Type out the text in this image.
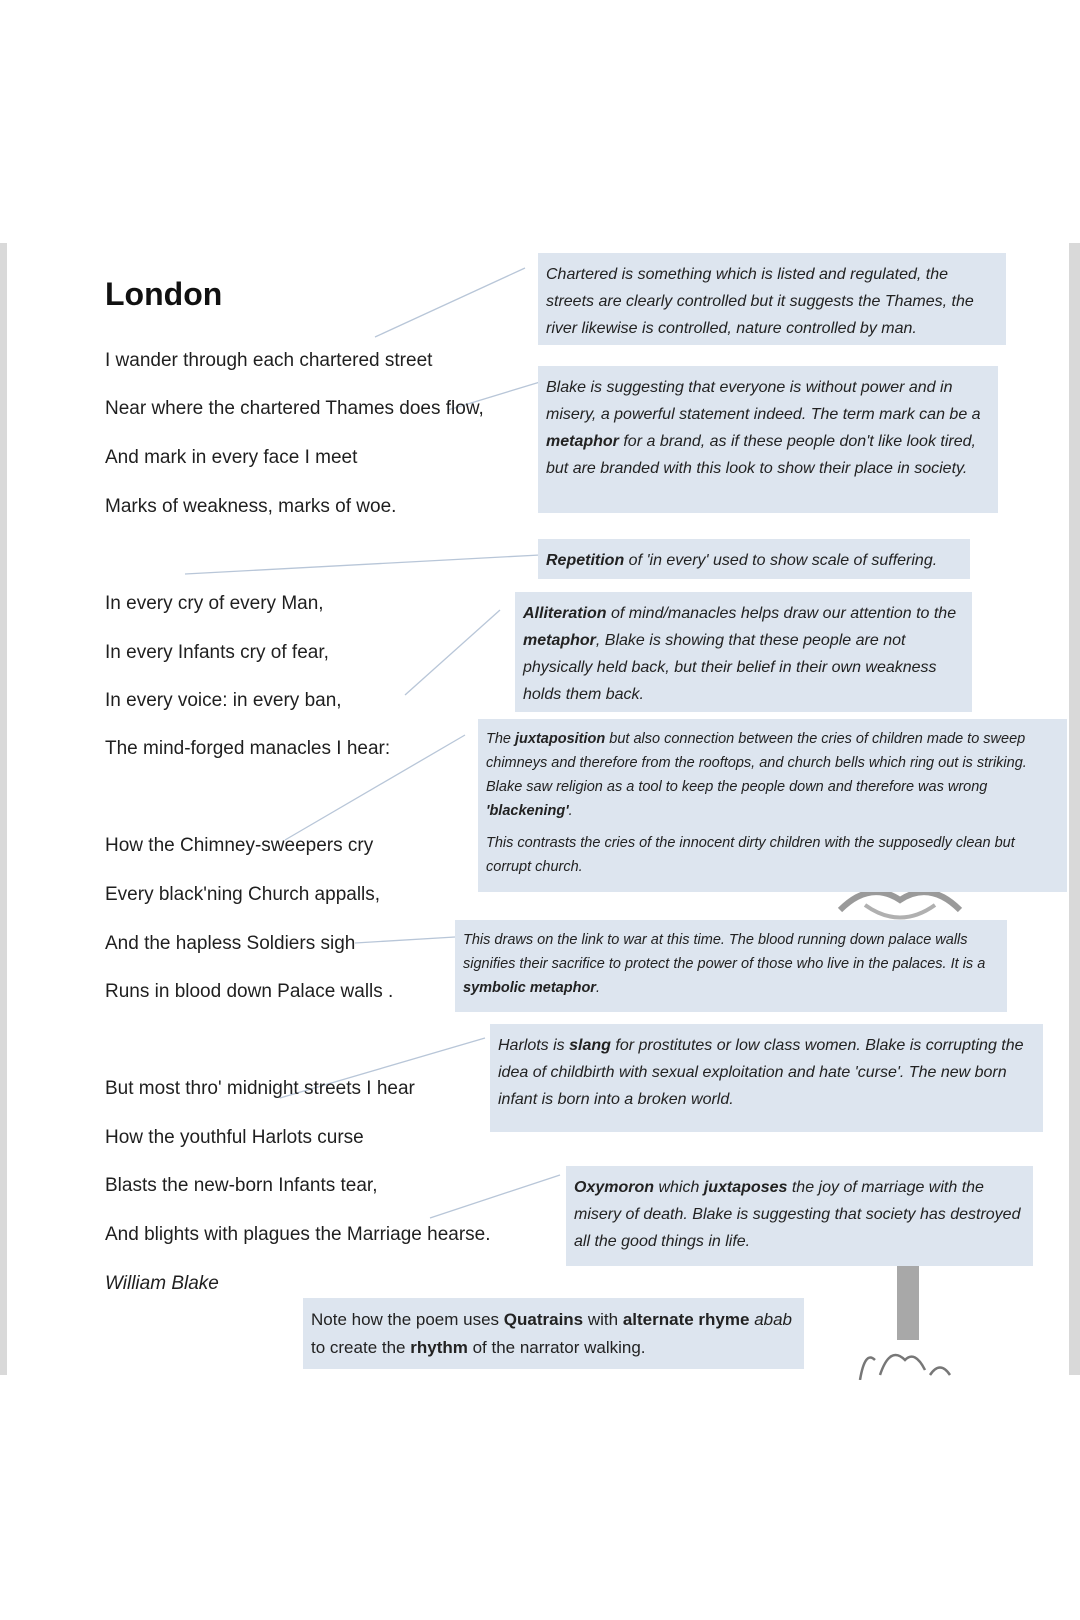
London
I wander through each chartered street
Near where the chartered Thames does flow,
And mark in every face I meet
Marks of weakness, marks of woe.
In every cry of every Man,
In every Infants cry of fear,
In every voice: in every ban,
The mind-forged manacles I hear:
How the Chimney-sweepers cry
Every black'ning Church appalls,
And the hapless Soldiers sigh
Runs in blood down Palace walls .
But most thro' midnight streets I hear
How the youthful Harlots curse
Blasts the new-born Infants tear,
And blights with plagues the Marriage hearse.
William Blake

Chartered is something which is listed and regulated, the streets are clearly controlled but it suggests the Thames, the river likewise is controlled, nature controlled by man.

Blake is suggesting that everyone is without power and in misery, a powerful statement indeed. The term mark can be a metaphor for a brand, as if these people don't like look tired, but are branded with this look to show their place in society.

Repetition of 'in every' used to show scale of suffering.

Alliteration of mind/manacles helps draw our attention to the metaphor, Blake is showing that these people are not physically held back, but their belief in their own weakness holds them back.

The juxtaposition but also connection between the cries of children made to sweep chimneys and therefore from the rooftops, and church bells which ring out is striking. Blake saw religion as a tool to keep the people down and therefore was wrong 'blackening'.

This contrasts the cries of the innocent dirty children with the supposedly clean but corrupt church.

This draws on the link to war at this time. The blood running down palace walls signifies their sacrifice to protect the power of those who live in the palaces. It is a symbolic metaphor.

Harlots is slang for prostitutes or low class women. Blake is corrupting the idea of childbirth with sexual exploitation and hate 'curse'. The new born infant is born into a broken world.

Oxymoron which juxtaposes the joy of marriage with the misery of death. Blake is suggesting that society has destroyed all the good things in life.

Note how the poem uses Quatrains with alternate rhyme abab to create the rhythm of the narrator walking.
